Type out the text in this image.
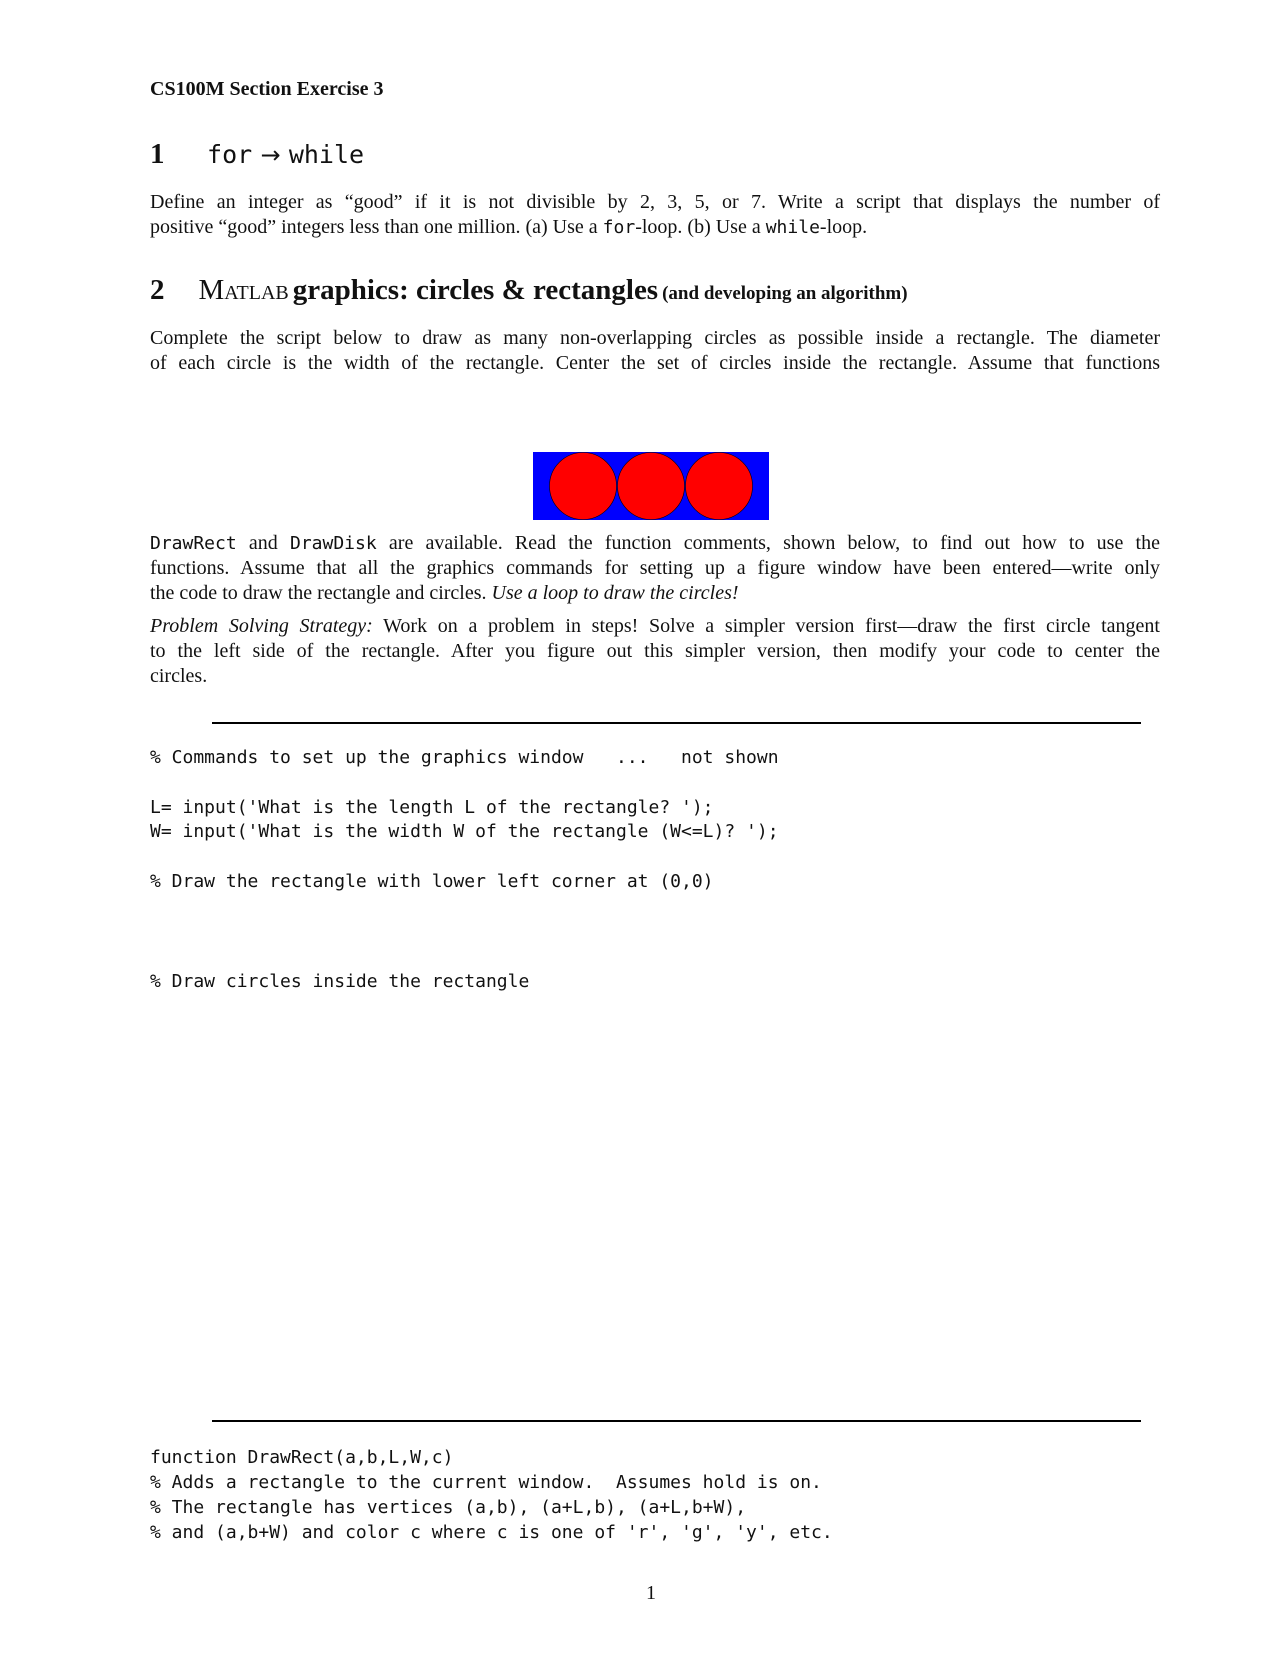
CS100M Section Exercise 3
1 for → while
Define an integer as “good” if it is not divisible by 2, 3, 5, or 7. Write a script that displays the number of
positive “good” integers less than one million. (a) Use a for-loop. (b) Use a while-loop.
2 Matlab graphics: circles & rectangles (and developing an algorithm)
Complete the script below to draw as many non-overlapping circles as possible inside a rectangle. The diameter
of each circle is the width of the rectangle. Center the set of circles inside the rectangle. Assume that functions
DrawRect and DrawDisk are available. Read the function comments, shown below, to find out how to use the
functions. Assume that all the graphics commands for setting up a figure window have been entered—write only
the code to draw the rectangle and circles. Use a loop to draw the circles!
Problem Solving Strategy: Work on a problem in steps! Solve a simpler version first—draw the first circle tangent
to the left side of the rectangle. After you figure out this simpler version, then modify your code to center the
circles.
% Commands to set up the graphics window   ...   not shown
L= input('What is the length L of the rectangle? ');
W= input('What is the width W of the rectangle (W<=L)? ');
% Draw the rectangle with lower left corner at (0,0)
% Draw circles inside the rectangle
function DrawRect(a,b,L,W,c)
% Adds a rectangle to the current window.  Assumes hold is on.
% The rectangle has vertices (a,b), (a+L,b), (a+L,b+W),
% and (a,b+W) and color c where c is one of 'r', 'g', 'y', etc.
1
